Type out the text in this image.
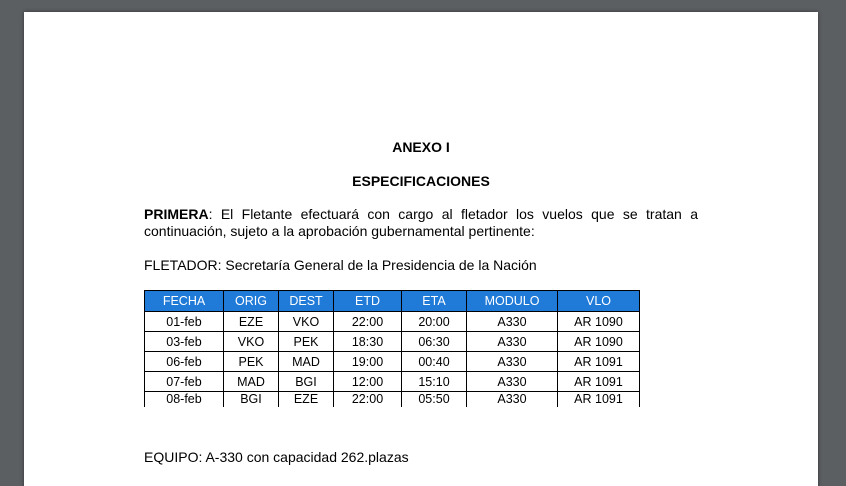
ANEXO I
ESPECIFICACIONES
PRIMERA: El Fletante efectuará con cargo al fletador los vuelos que se tratan a
continuación, sujeto a la aprobación gubernamental pertinente:
FLETADOR: Secretaría General de la Presidencia de la Nación
FECHA	ORIG	DEST	ETD	ETA	MODULO	VLO
01-feb	EZE	VKO	22:00	20:00	A330	AR 1090
03-feb	VKO	PEK	18:30	06:30	A330	AR 1090
06-feb	PEK	MAD	19:00	00:40	A330	AR 1091
07-feb	MAD	BGI	12:00	15:10	A330	AR 1091
08-feb	BGI	EZE	22:00	05:50	A330	AR 1091
EQUIPO: A-330 con capacidad 262.plazas
